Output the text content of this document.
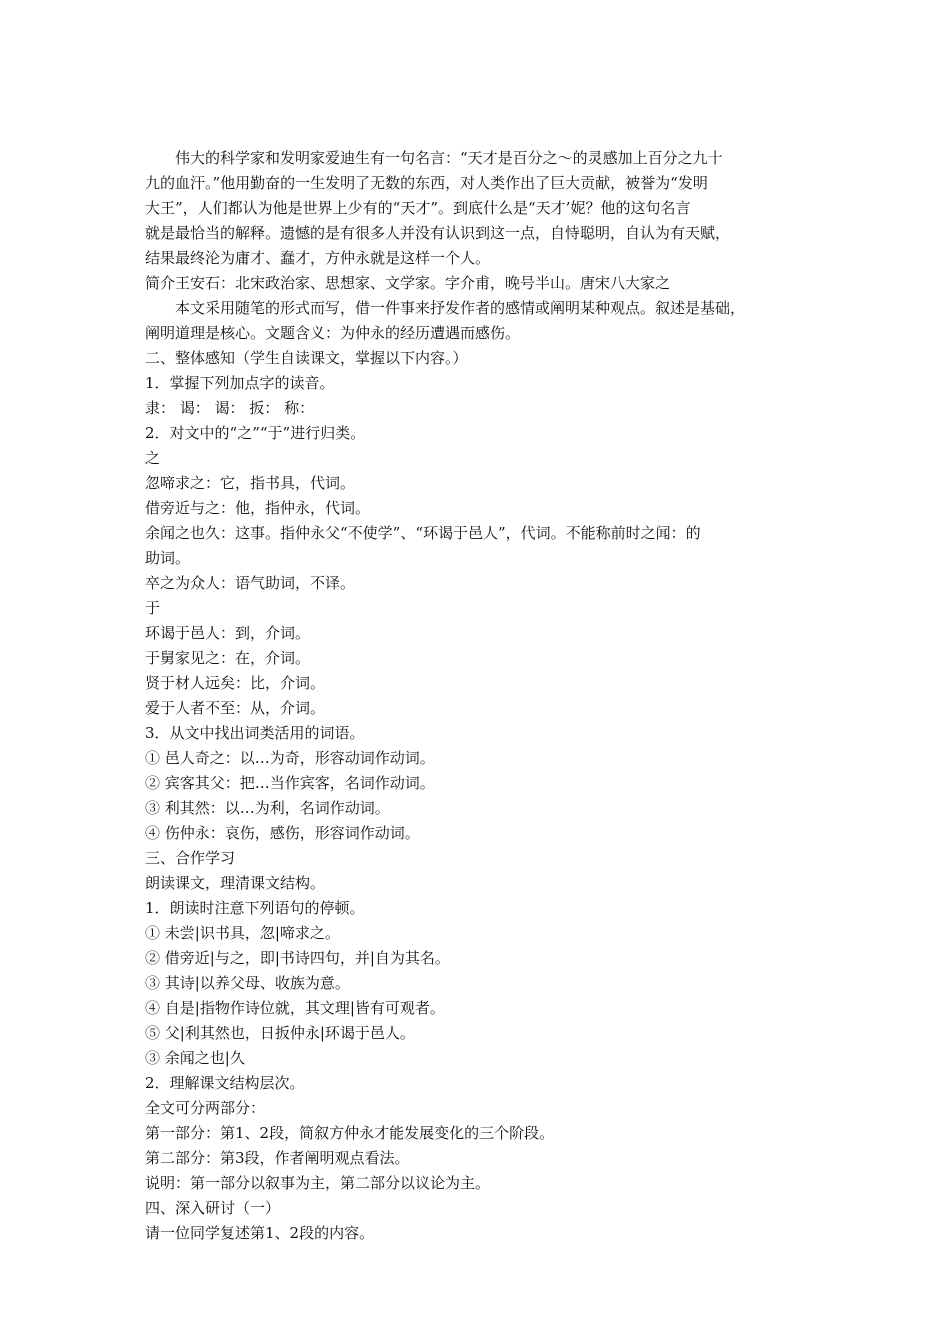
伟大的科学家和发明家爱迪生有一句名言：“天才是百分之～的灵感加上百分之九十
九的血汗。”他用勤奋的一生发明了无数的东西，对人类作出了巨大贡献，被誉为“发明
大王”，人们都认为他是世界上少有的“天才”。到底什么是“天才’妮？他的这句名言
就是最恰当的解释。遗憾的是有很多人并没有认识到这一点，自恃聪明，自认为有天赋，
结果最终沦为庸才、蠢才，方仲永就是这样一个人。
简介王安石：北宋政治家、思想家、文学家。字介甫，晚号半山。唐宋八大家之
本文采用随笔的形式而写，借一件事来抒发作者的感情或阐明某种观点。叙述是基础，
阐明道理是核心。文题含义：为仲永的经历遭遇而感伤。
二、整体感知（学生自读课文，掌握以下内容。）
1．掌握下列加点字的读音。
隶： 谒： 谒： 扳： 称：
2．对文中的“之”“于”进行归类。
之
忽啼求之：它，指书具，代词。
借旁近与之：他，指仲永，代词。
余闻之也久：这事。指仲永父“不使学”、“环谒于邑人”，代词。不能称前时之闻：的
助词。
卒之为众人：语气助词，不译。
于
环谒于邑人：到，介词。
于舅家见之：在，介词。
贤于材人远矣：比，介词。
爱于人者不至：从，介词。
3．从文中找出词类活用的词语。
① 邑人奇之：以…为奇，形容动词作动词。
② 宾客其父：把…当作宾客，名词作动词。
③ 利其然：以…为利，名词作动词。
④ 伤仲永：哀伤，感伤，形容词作动词。
三、合作学习
朗读课文，理清课文结构。
1．朗读时注意下列语句的停顿。
① 未尝|识书具，忽|啼求之。
② 借旁近|与之，即|书诗四句，并|自为其名。
③ 其诗|以养父母、收族为意。
④ 自是|指物作诗位就，其文理|皆有可观者。
⑤ 父|利其然也，日扳仲永|环谒于邑人。
③ 余闻之也|久
2．理解课文结构层次。
全文可分两部分：
第一部分：第1、2段，简叙方仲永才能发展变化的三个阶段。
第二部分：第3段，作者阐明观点看法。
说明：第一部分以叙事为主，第二部分以议论为主。
四、深入研讨（一）
请一位同学复述第1、2段的内容。
